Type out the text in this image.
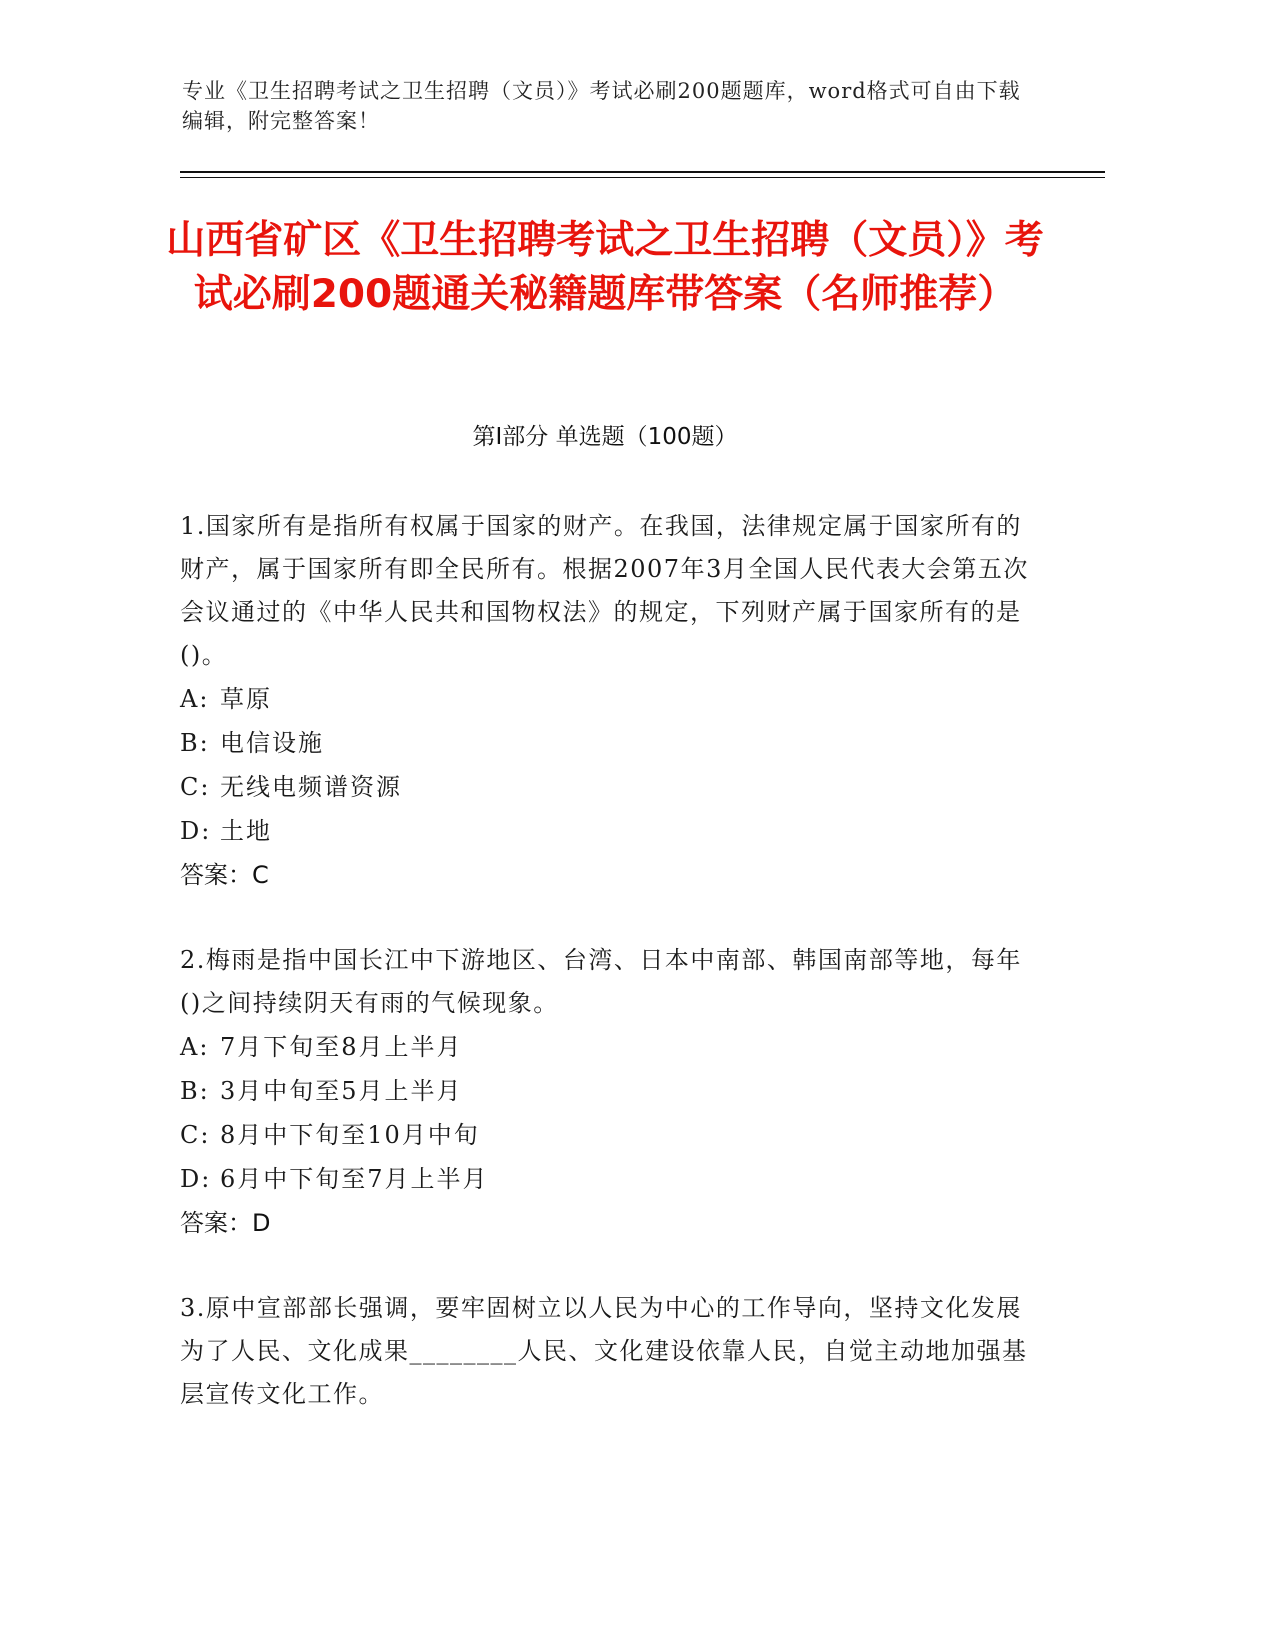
专业《卫生招聘考试之卫生招聘（文员）》考试必刷200题题库，word格式可自由下载编辑，附完整答案！
山西省矿区《卫生招聘考试之卫生招聘（文员）》考试必刷200题通关秘籍题库带答案（名师推荐）
第Ⅰ部分 单选题（100题）

1.国家所有是指所有权属于国家的财产。在我国，法律规定属于国家所有的财产，属于国家所有即全民所有。根据2007年3月全国人民代表大会第五次会议通过的《中华人民共和国物权法》的规定，下列财产属于国家所有的是()。

A: 草原

B: 电信设施

C: 无线电频谱资源

D: 土地

答案：C

2.梅雨是指中国长江中下游地区、台湾、日本中南部、韩国南部等地，每年()之间持续阴天有雨的气候现象。

A: 7月下旬至8月上半月

B: 3月中旬至5月上半月

C: 8月中下旬至10月中旬

D: 6月中下旬至7月上半月

答案：D

3.原中宣部部长强调，要牢固树立以人民为中心的工作导向，坚持文化发展为了人民、文化成果________人民、文化建设依靠人民，自觉主动地加强基层宣传文化工作。
